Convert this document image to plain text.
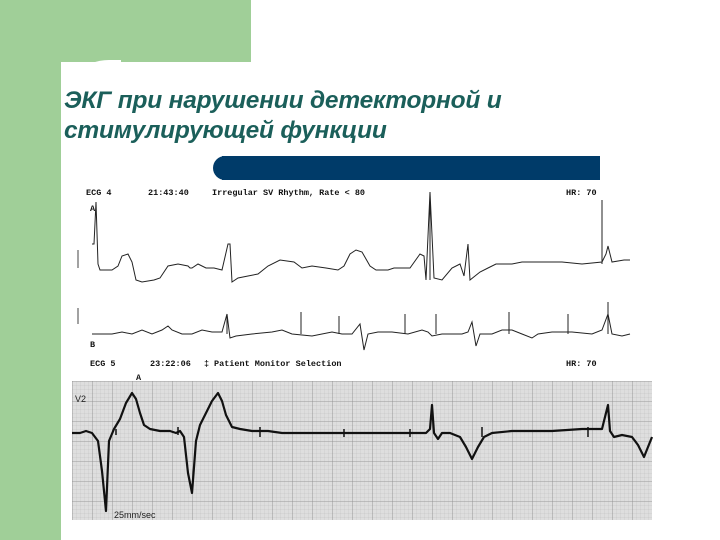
ЭКГ при нарушении детекторной и
стимулирующей функции
ECG 4	21:43:40	Irregular SV Rhythm, Rate < 80	HR: 70
A
B
ECG 5	23:22:06 ‡ Patient Monitor Selection	HR: 70
A
V2
25mm/sec
